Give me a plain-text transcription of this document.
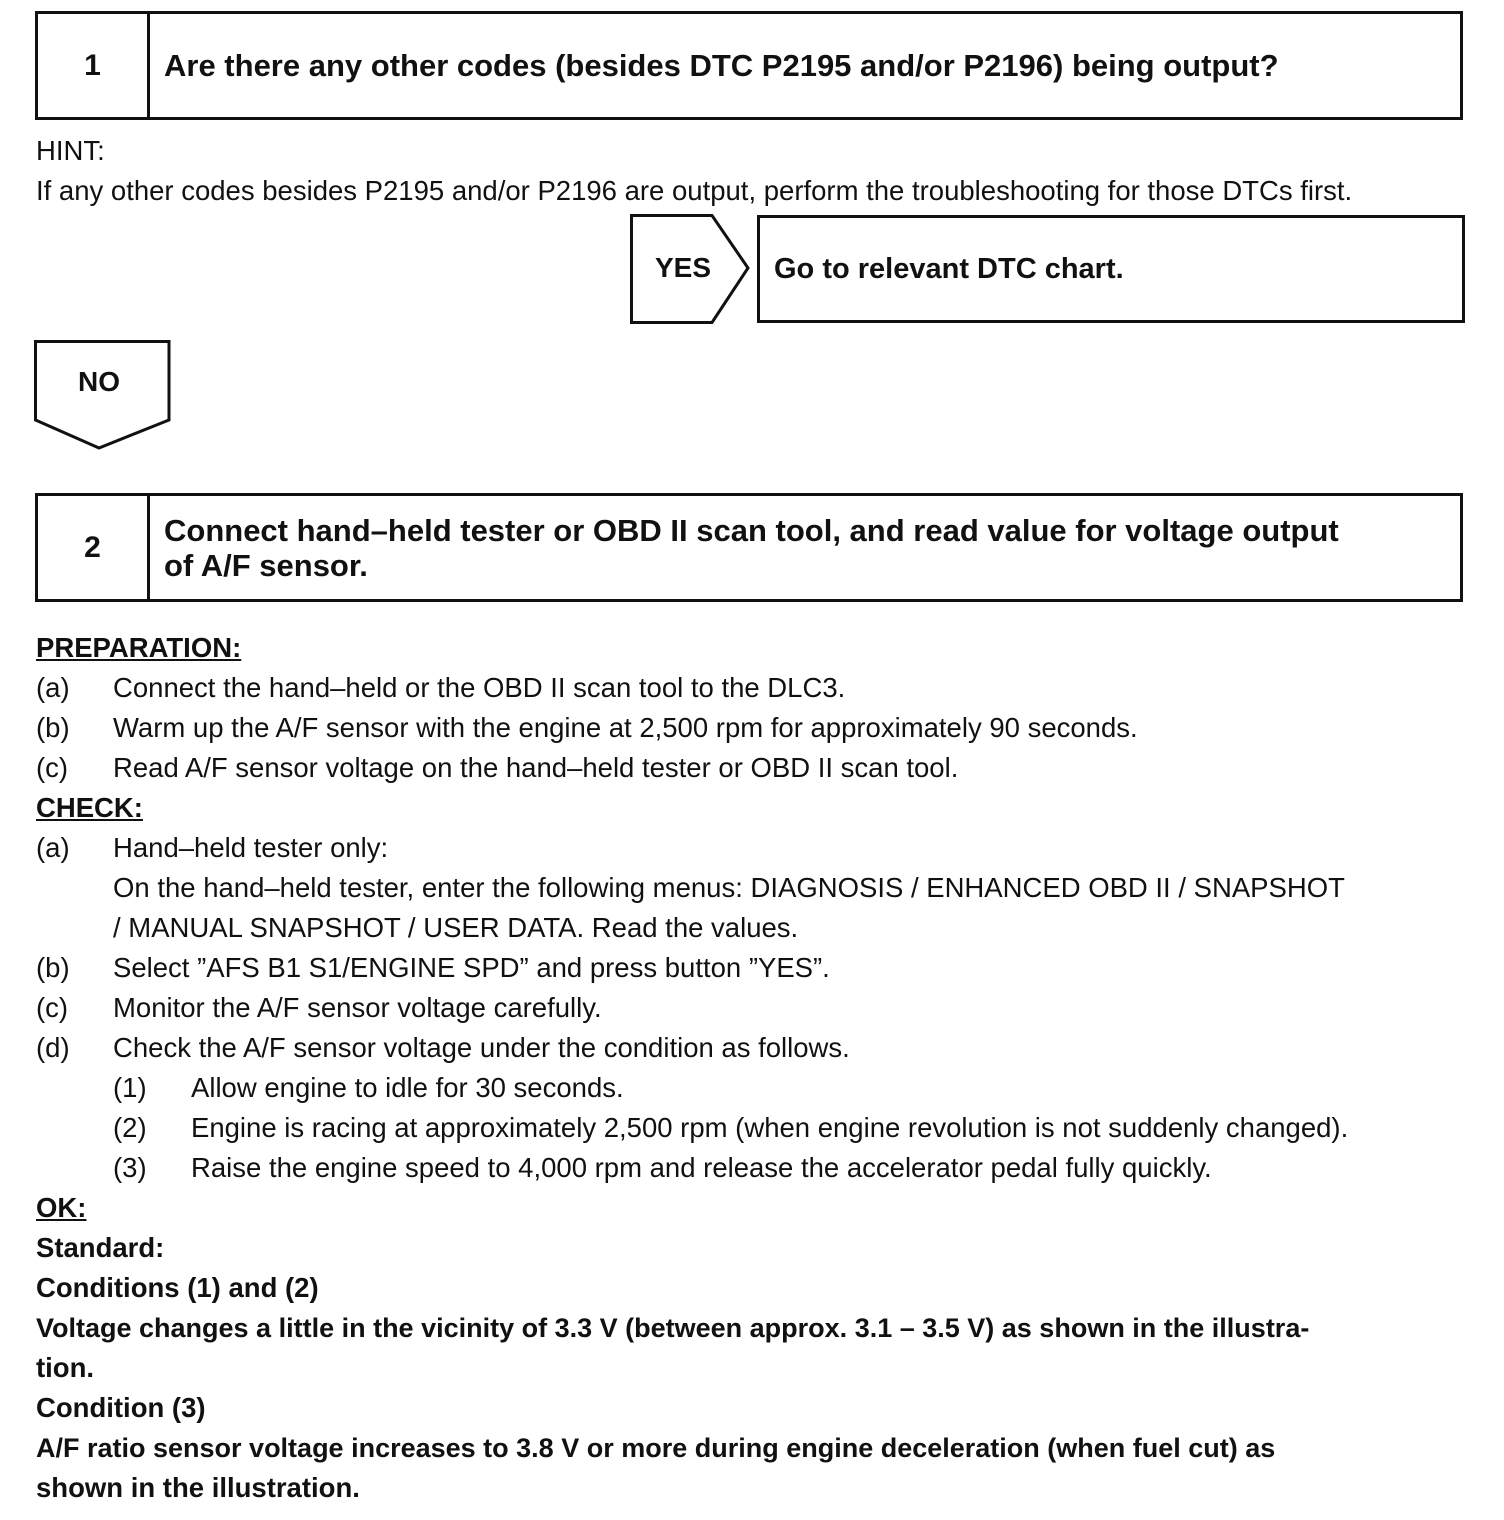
1	Are there any other codes (besides DTC P2195 and/or P2196) being output?
HINT:
If any other codes besides P2195 and/or P2196 are output, perform the troubleshooting for those DTCs first.
YES Go to relevant DTC chart.
NO
2	Connect hand–held tester or OBD II scan tool, and read value for voltage output
of A/F sensor.
PREPARATION:
(a) Connect the hand–held or the OBD II scan tool to the DLC3.
(b) Warm up the A/F sensor with the engine at 2,500 rpm for approximately 90 seconds.
(c) Read A/F sensor voltage on the hand–held tester or OBD II scan tool.
CHECK:
(a) Hand–held tester only:
On the hand–held tester, enter the following menus: DIAGNOSIS / ENHANCED OBD II / SNAPSHOT
/ MANUAL SNAPSHOT / USER DATA. Read the values.
(b) Select ”AFS B1 S1/ENGINE SPD” and press button ”YES”.
(c) Monitor the A/F sensor voltage carefully.
(d) Check the A/F sensor voltage under the condition as follows.
(1) Allow engine to idle for 30 seconds.
(2) Engine is racing at approximately 2,500 rpm (when engine revolution is not suddenly changed).
(3) Raise the engine speed to 4,000 rpm and release the accelerator pedal fully quickly.
OK:
Standard:
Conditions (1) and (2)
Voltage changes a little in the vicinity of 3.3 V (between approx. 3.1 – 3.5 V) as shown in the illustra-
tion.
Condition (3)
A/F ratio sensor voltage increases to 3.8 V or more during engine deceleration (when fuel cut) as
shown in the illustration.
